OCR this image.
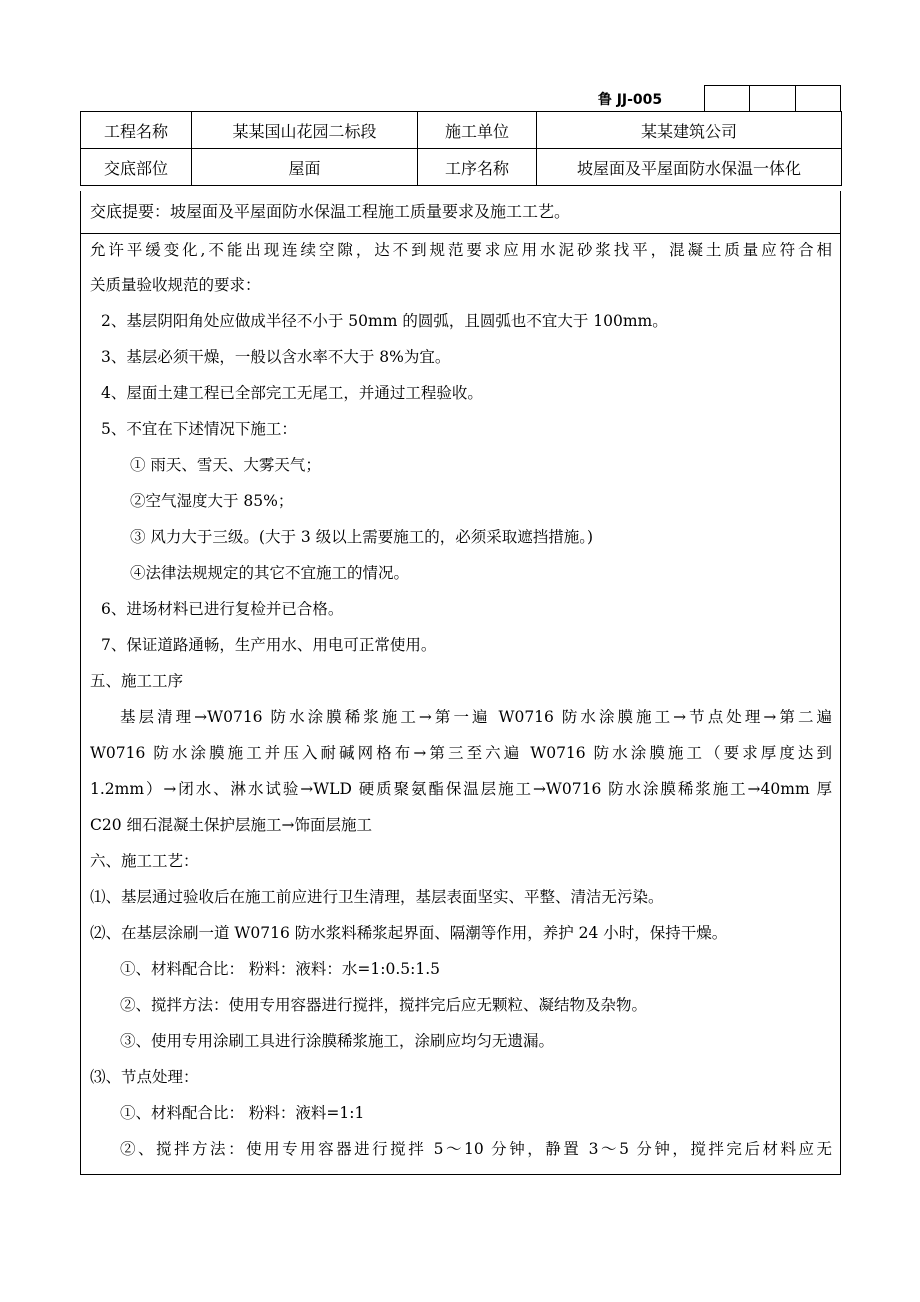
鲁 JJ-005
工程名称	某某国山花园二标段	施工单位	某某建筑公司
交底部位	屋面	工序名称	坡屋面及平屋面防水保温一体化
交底提要：坡屋面及平屋面防水保温工程施工质量要求及施工工艺。

允许平缓变化,不能出现连续空隙，达不到规范要求应用水泥砂浆找平，混凝土质量应符合相

关质量验收规范的要求：

2、基层阴阳角处应做成半径不小于 50mm 的圆弧，且圆弧也不宜大于 100mm。

3、基层必须干燥，一般以含水率不大于 8%为宜。

4、屋面土建工程已全部完工无尾工，并通过工程验收。

5、不宜在下述情况下施工：

① 雨天、雪天、大雾天气；

②空气湿度大于 85%；

③ 风力大于三级。(大于 3 级以上需要施工的，必须采取遮挡措施。)

④法律法规规定的其它不宜施工的情况。

6、进场材料已进行复检并已合格。

7、保证道路通畅，生产用水、用电可正常使用。

五、施工工序

基层清理→W0716 防水涂膜稀浆施工→第一遍 W0716 防水涂膜施工→节点处理→第二遍

W0716 防水涂膜施工并压入耐碱网格布→第三至六遍 W0716 防水涂膜施工（要求厚度达到

1.2mm）→闭水、淋水试验→WLD 硬质聚氨酯保温层施工→W0716 防水涂膜稀浆施工→40mm 厚

C20 细石混凝土保护层施工→饰面层施工

六、施工工艺：

⑴、基层通过验收后在施工前应进行卫生清理，基层表面坚实、平整、清洁无污染。

⑵、在基层涂刷一道 W0716 防水浆料稀浆起界面、隔潮等作用，养护 24 小时，保持干燥。

①、材料配合比： 粉料：液料：水=1:0.5:1.5

②、搅拌方法：使用专用容器进行搅拌，搅拌完后应无颗粒、凝结物及杂物。

③、使用专用涂刷工具进行涂膜稀浆施工，涂刷应均匀无遗漏。

⑶、节点处理：

①、材料配合比： 粉料：液料=1:1

②、搅拌方法：使用专用容器进行搅拌 5～10 分钟，静置 3～5 分钟，搅拌完后材料应无
